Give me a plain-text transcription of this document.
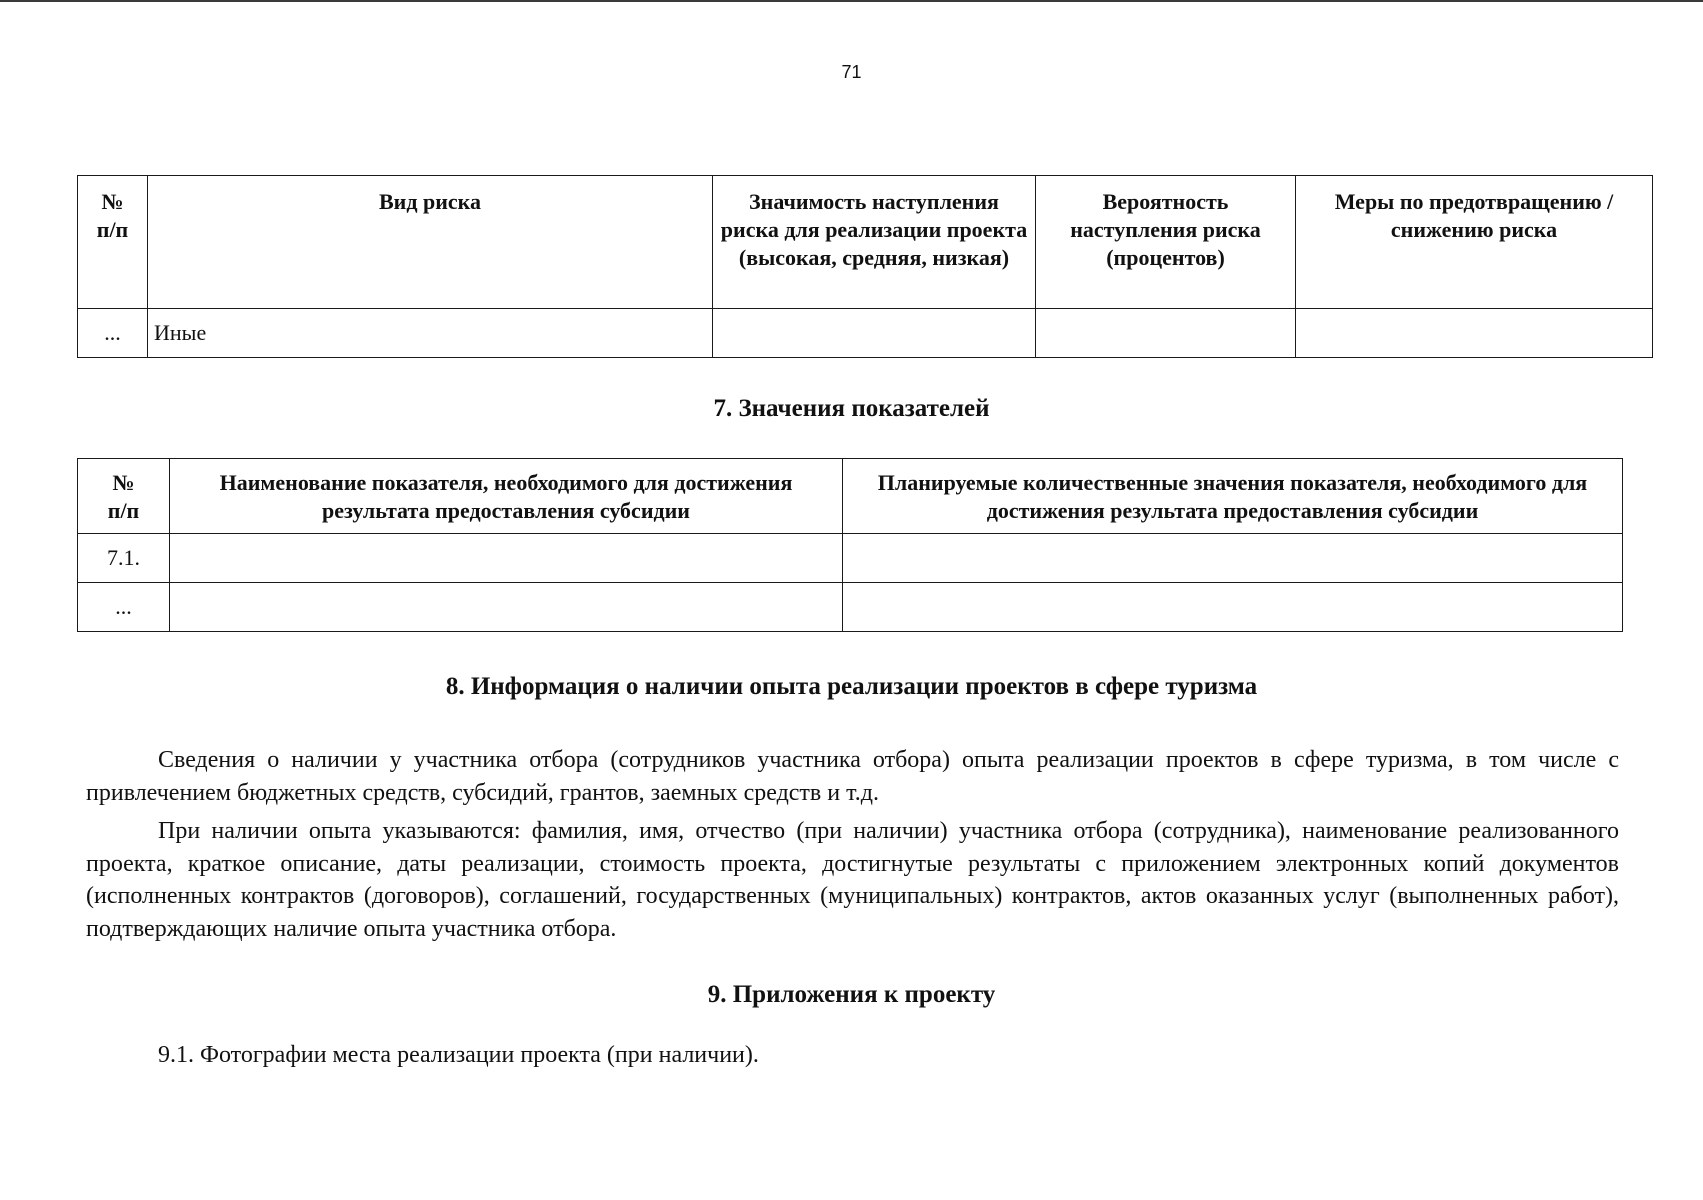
71
№
п/п	Вид риска	Значимость наступления риска для реализации проекта (высокая, средняя, низкая)	Вероятность наступления риска (процентов)	Меры по предотвращению / снижению риска
...	Иные			
7. Значения показателей
№
п/п	Наименование показателя, необходимого для достижения результата предоставления субсидии	Планируемые количественные значения показателя, необходимого для достижения результата предоставления субсидии
7.1.		
...		
8. Информация о наличии опыта реализации проектов в сфере туризма

Сведения о наличии у участника отбора (сотрудников участника отбора) опыта реализации проектов в сфере туризма, в том числе с привлечением бюджетных средств, субсидий, грантов, заемных средств и т.д.

При наличии опыта указываются: фамилия, имя, отчество (при наличии) участника отбора (сотрудника), наименование реализованного проекта, краткое описание, даты реализации, стоимость проекта, достигнутые результаты с приложением электронных копий документов (исполненных контрактов (договоров), соглашений, государственных (муниципальных) контрактов, актов оказанных услуг (выполненных работ), подтверждающих наличие опыта участника отбора.

9. Приложения к проекту

9.1. Фотографии места реализации проекта (при наличии).
